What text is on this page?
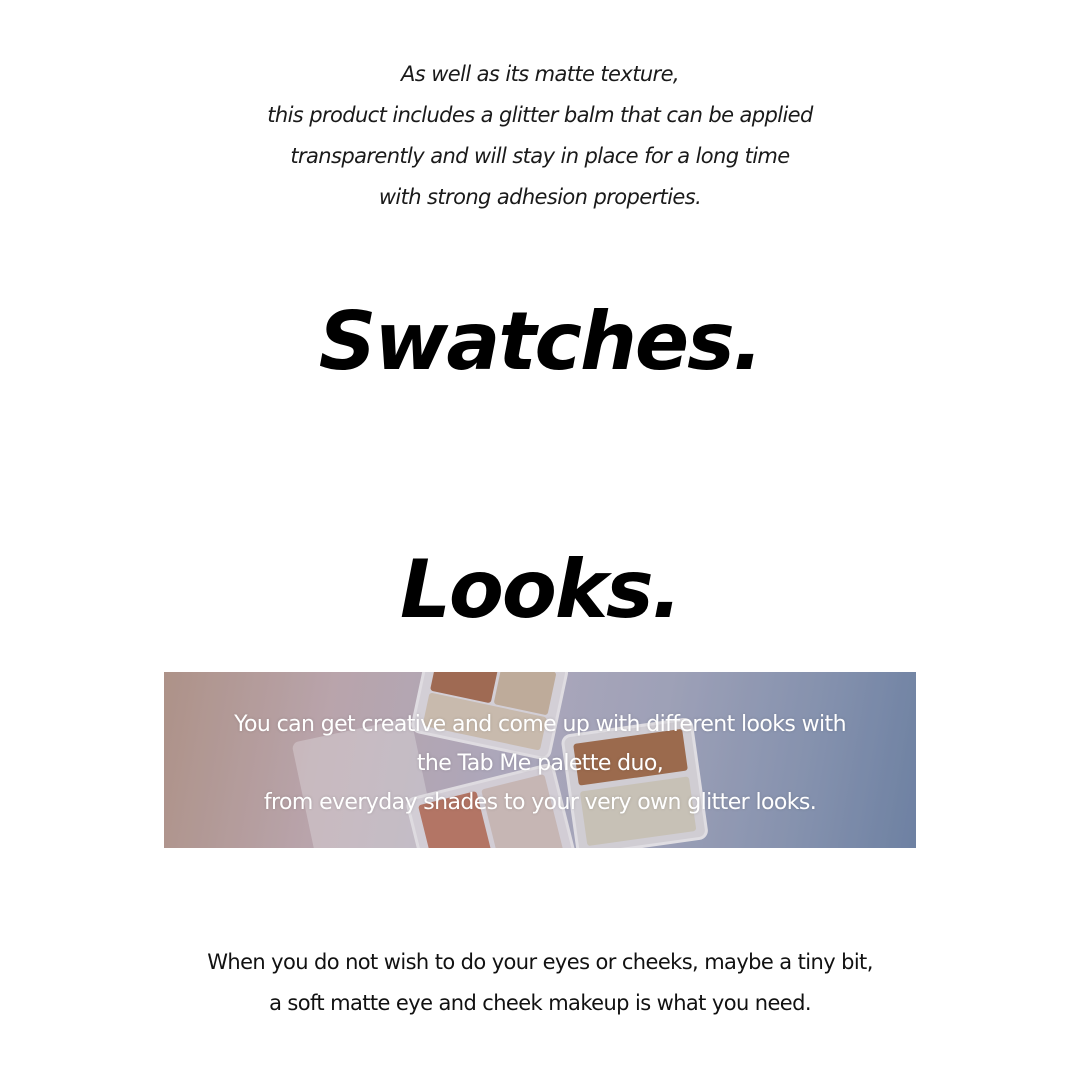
As well as its matte texture,
this product includes a glitter balm that can be applied
transparently and will stay in place for a long time
with strong adhesion properties.
Swatches.
Looks.
You can get creative and come up with different looks with
the Tab Me palette duo,
from everyday shades to your very own glitter looks.
When you do not wish to do your eyes or cheeks, maybe a tiny bit,
a soft matte eye and cheek makeup is what you need.
